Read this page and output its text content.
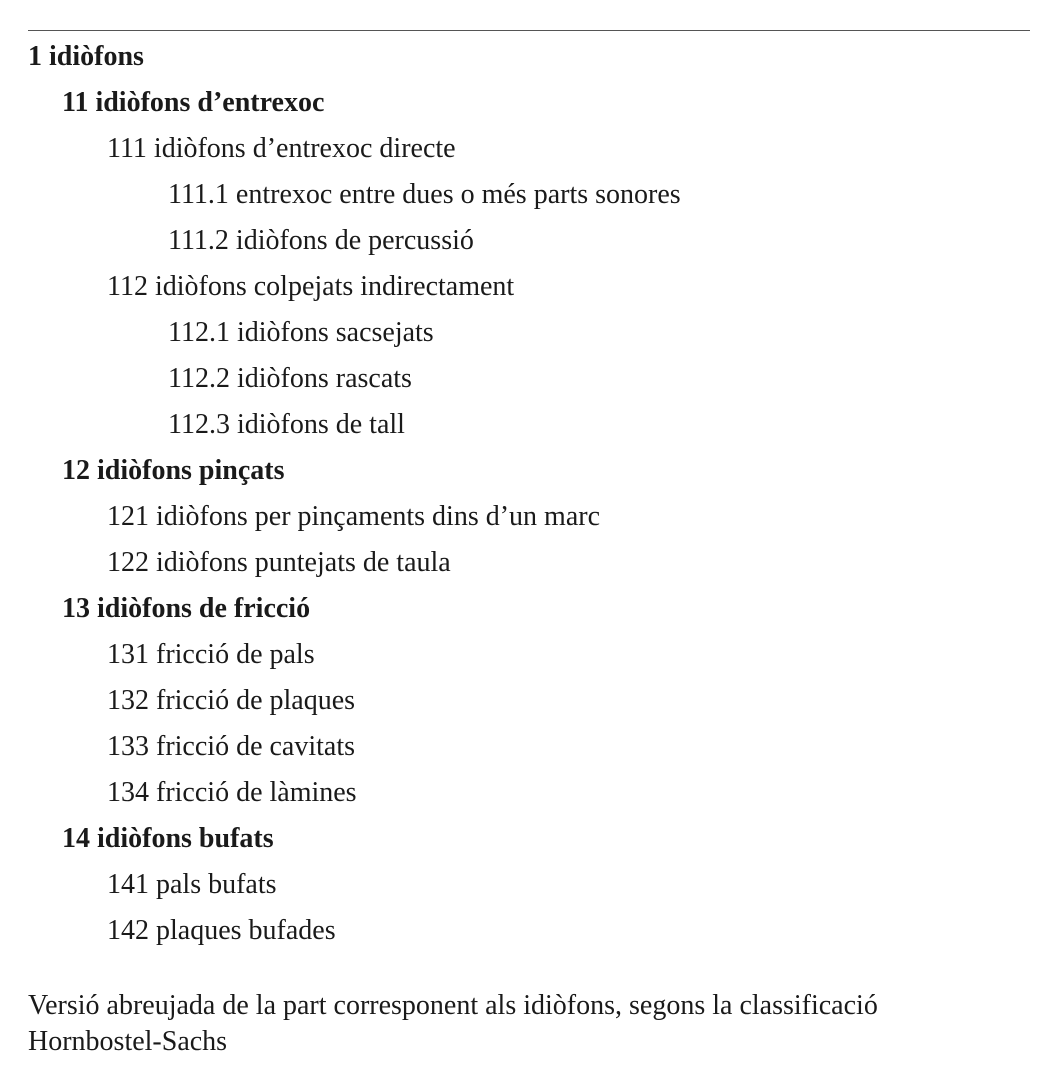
1 idiòfons
11 idiòfons d’entrexoc
111 idiòfons d’entrexoc directe
111.1 entrexoc entre dues o més parts sonores
111.2 idiòfons de percussió
112 idiòfons colpejats indirectament
112.1 idiòfons sacsejats
112.2 idiòfons rascats
112.3 idiòfons de tall
12 idiòfons pinçats
121 idiòfons per pinçaments dins d’un marc
122 idiòfons puntejats de taula
13 idiòfons de fricció
131 fricció de pals
132 fricció de plaques
133 fricció de cavitats
134 fricció de làmines
14 idiòfons bufats
141 pals bufats
142 plaques bufades

Versió abreujada de la part corresponent als idiòfons, segons la classificació Hornbostel-Sachs
